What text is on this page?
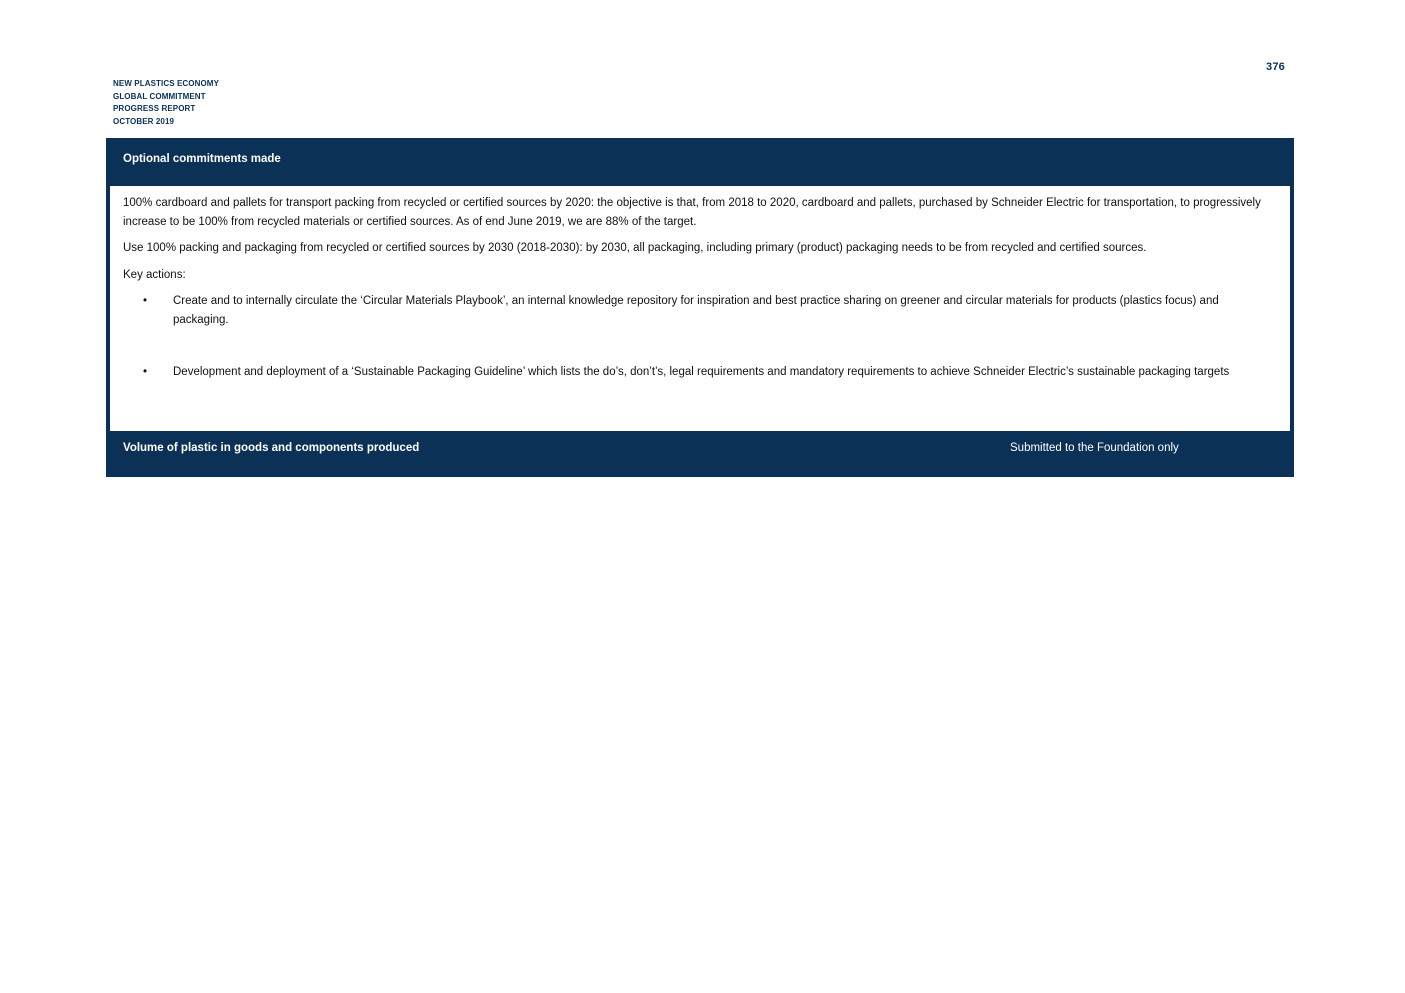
376
NEW PLASTICS ECONOMY
GLOBAL COMMITMENT
PROGRESS REPORT
OCTOBER 2019
Optional commitments made

100% cardboard and pallets for transport packing from recycled or certified sources by 2020: the objective is that, from 2018 to 2020, cardboard and pallets, purchased by Schneider Electric for transportation, to progressively increase to be 100% from recycled materials or certified sources. As of end June 2019, we are 88% of the target.

Use 100% packing and packaging from recycled or certified sources by 2030 (2018-2030): by 2030, all packaging, including primary (product) packaging needs to be from recycled and certified sources.

Key actions:

• Create and to internally circulate the ‘Circular Materials Playbook’, an internal knowledge repository for inspiration and best practice sharing on greener and circular materials for products (plastics focus) and packaging.
• Development and deployment of a ‘Sustainable Packaging Guideline’ which lists the do’s, don’t’s, legal requirements and mandatory requirements to achieve Schneider Electric’s sustainable packaging targets
Volume of plastic in goods and components produced	Submitted to the Foundation only
